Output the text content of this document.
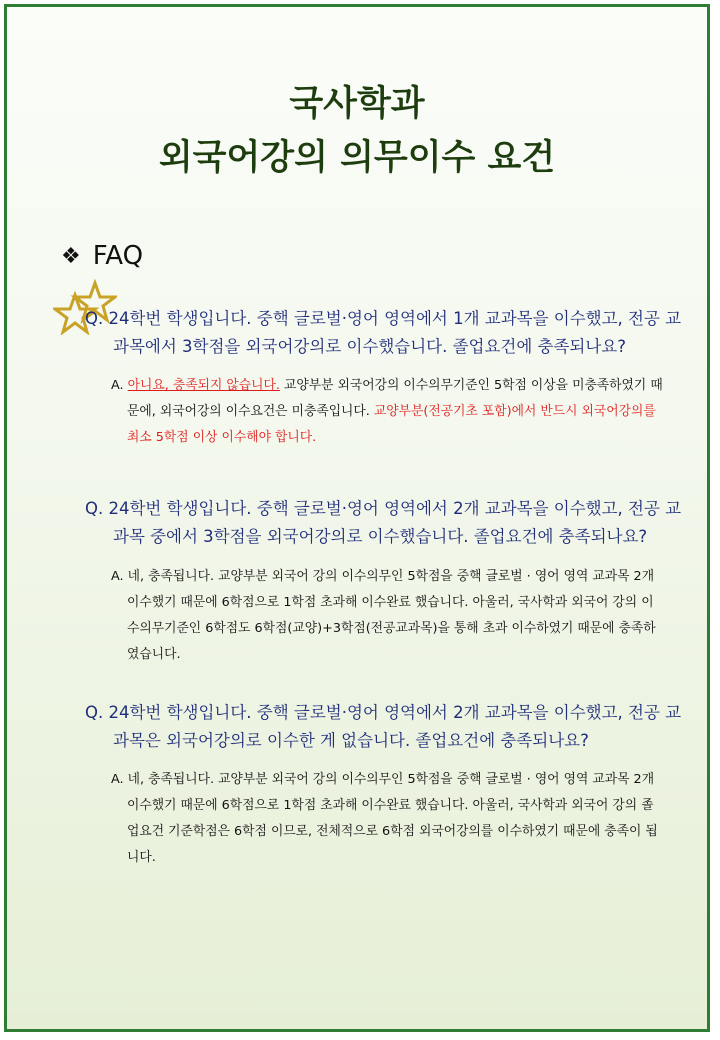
국사학과
외국어강의 의무이수 요건
❖ FAQ
Q. 24학번 학생입니다. 중핵 글로벌·영어 영역에서 1개 교과목을 이수했고, 전공 교과목에서 3학점을 외국어강의로 이수했습니다. 졸업요건에 충족되나요?
A. 아니요, 충족되지 않습니다. 교양부분 외국어강의 이수의무기준인 5학점 이상을 미충족하였기 때문에, 외국어강의 이수요건은 미충족입니다. 교양부분(전공기초 포함)에서 반드시 외국어강의를 최소 5학점 이상 이수해야 합니다.
Q. 24학번 학생입니다. 중핵 글로벌·영어 영역에서 2개 교과목을 이수했고, 전공 교과목 중에서 3학점을 외국어강의로 이수했습니다. 졸업요건에 충족되나요?
A. 네, 충족됩니다. 교양부분 외국어 강의 이수의무인 5학점을 중핵 글로벌 · 영어 영역 교과목 2개 이수했기 때문에 6학점으로 1학점 초과해 이수완료 했습니다. 아울러, 국사학과 외국어 강의 이수의무기준인 6학점도 6학점(교양)+3학점(전공교과목)을 통해 초과 이수하였기 때문에 충족하였습니다.
Q. 24학번 학생입니다. 중핵 글로벌·영어 영역에서 2개 교과목을 이수했고, 전공 교과목은 외국어강의로 이수한 게 없습니다. 졸업요건에 충족되나요?
A. 네, 충족됩니다. 교양부분 외국어 강의 이수의무인 5학점을 중핵 글로벌 · 영어 영역 교과목 2개 이수했기 때문에 6학점으로 1학점 초과해 이수완료 했습니다. 아울러, 국사학과 외국어 강의 졸업요건 기준학점은 6학점 이므로, 전체적으로 6학점 외국어강의를 이수하였기 때문에 충족이 됩니다.
